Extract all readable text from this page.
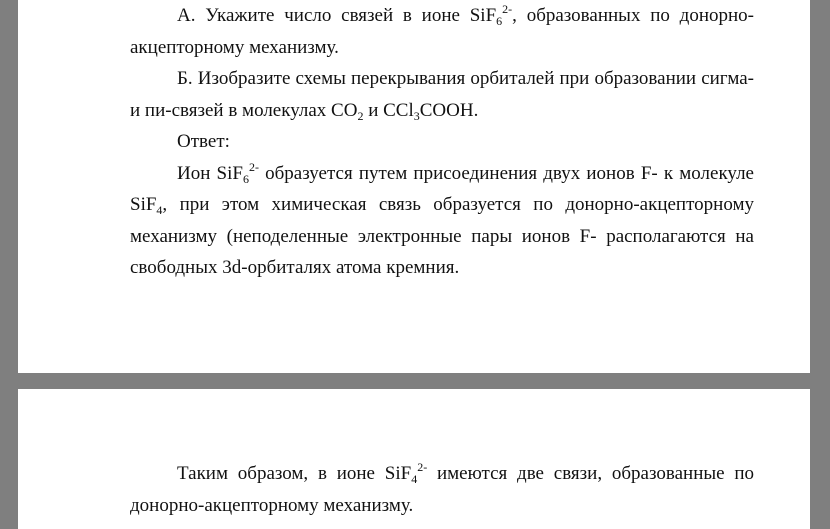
А. Укажите число связей в ионе SiF$_6^{2-}$, образованных по донорно-акцепторному механизму.

Б. Изобразите схемы перекрывания орбиталей при образовании сигма- и пи-связей в молекулах $CO_2$ и CCl$_3$COOH.

Ответ:

Ион SiF$_6^{2-}$ образуется путем присоединения двух ионов F- к молекуле SiF$_4$, при этом химическая связь образуется по донорно-акцепторному механизму (неподеленные электронные пары ионов F- располагаются на свободных 3d-орбиталях атома кремния.

Таким образом, в ионе SiF$_4^{2-}$ имеются две связи, образованные по донорно-акцепторному механизму.
